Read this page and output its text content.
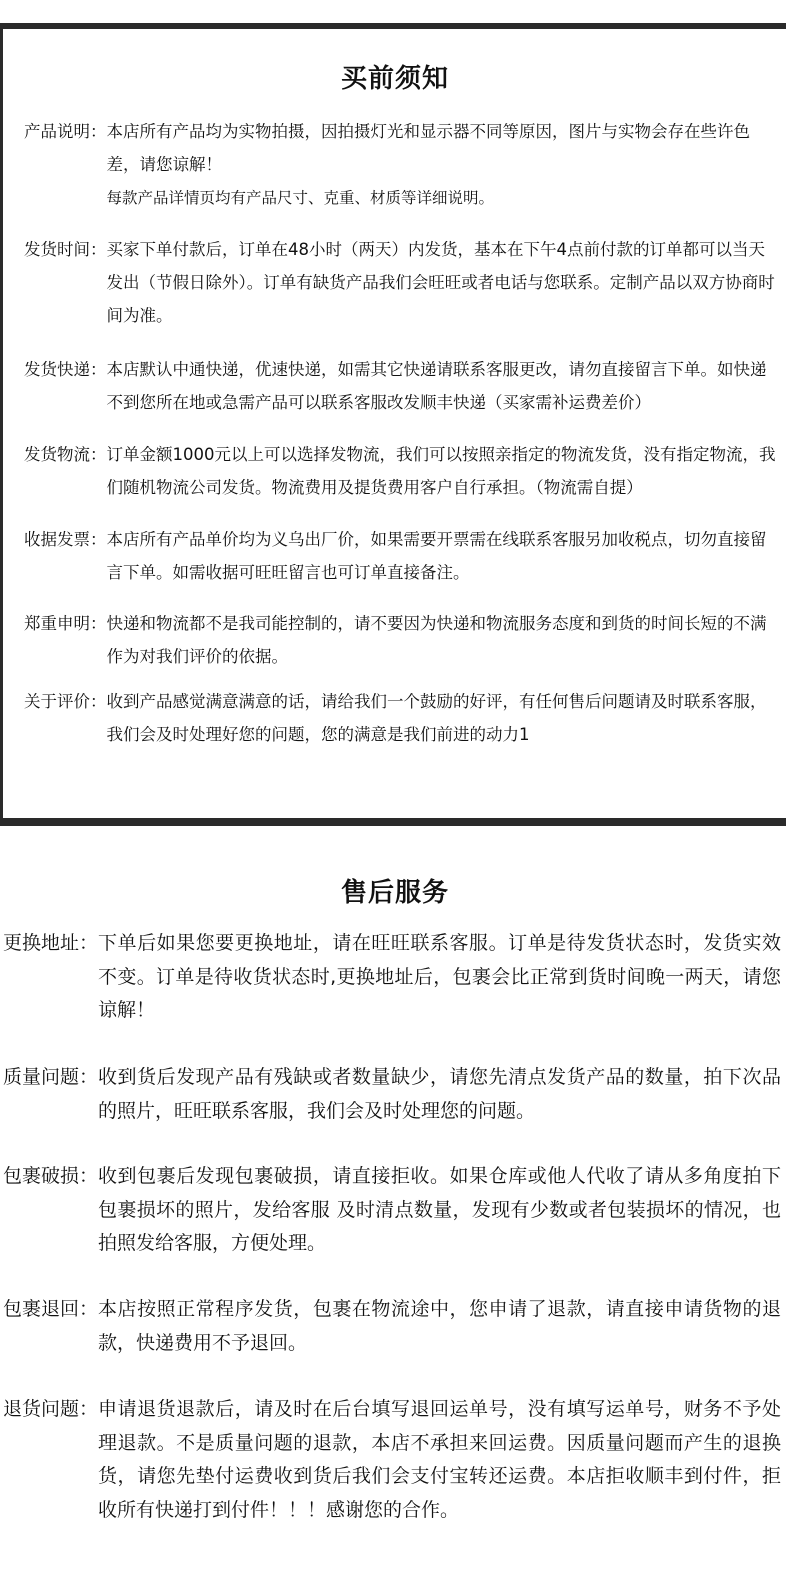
买前须知
产品说明： 本店所有产品均为实物拍摄，因拍摄灯光和显示器不同等原因，图片与实物会存在些许色差，请您谅解！
每款产品详情页均有产品尺寸、克重、材质等详细说明。
发货时间： 买家下单付款后，订单在48小时（两天）内发货，基本在下午4点前付款的订单都可以当天发出（节假日除外）。订单有缺货产品我们会旺旺或者电话与您联系。定制产品以双方协商时间为准。
发货快递： 本店默认中通快递，优速快递，如需其它快递请联系客服更改，请勿直接留言下单。如快递不到您所在地或急需产品可以联系客服改发顺丰快递（买家需补运费差价）
发货物流： 订单金额1000元以上可以选择发物流，我们可以按照亲指定的物流发货，没有指定物流，我们随机物流公司发货。物流费用及提货费用客户自行承担。（物流需自提）
收据发票： 本店所有产品单价均为义乌出厂价，如果需要开票需在线联系客服另加收税点，切勿直接留言下单。如需收据可旺旺留言也可订单直接备注。
郑重申明： 快递和物流都不是我司能控制的，请不要因为快递和物流服务态度和到货的时间长短的不满作为对我们评价的依据。
关于评价： 收到产品感觉满意满意的话，请给我们一个鼓励的好评，有任何售后问题请及时联系客服，我们会及时处理好您的问题，您的满意是我们前进的动力1
售后服务
更换地址： 下单后如果您要更换地址，请在旺旺联系客服。订单是待发货状态时，发货实效不变。订单是待收货状态时,更换地址后，包裹会比正常到货时间晚一两天，请您谅解！
质量问题： 收到货后发现产品有残缺或者数量缺少，请您先清点发货产品的数量，拍下次品的照片，旺旺联系客服，我们会及时处理您的问题。
包裹破损： 收到包裹后发现包裹破损，请直接拒收。如果仓库或他人代收了请从多角度拍下包裹损坏的照片，发给客服 及时清点数量，发现有少数或者包装损坏的情况，也拍照发给客服，方便处理。
包裹退回： 本店按照正常程序发货，包裹在物流途中，您申请了退款，请直接申请货物的退款，快递费用不予退回。
退货问题： 申请退货退款后，请及时在后台填写退回运单号，没有填写运单号，财务不予处理退款。不是质量问题的退款，本店不承担来回运费。因质量问题而产生的退换货，请您先垫付运费收到货后我们会支付宝转还运费。本店拒收顺丰到付件，拒收所有快递打到付件！！！感谢您的合作。
